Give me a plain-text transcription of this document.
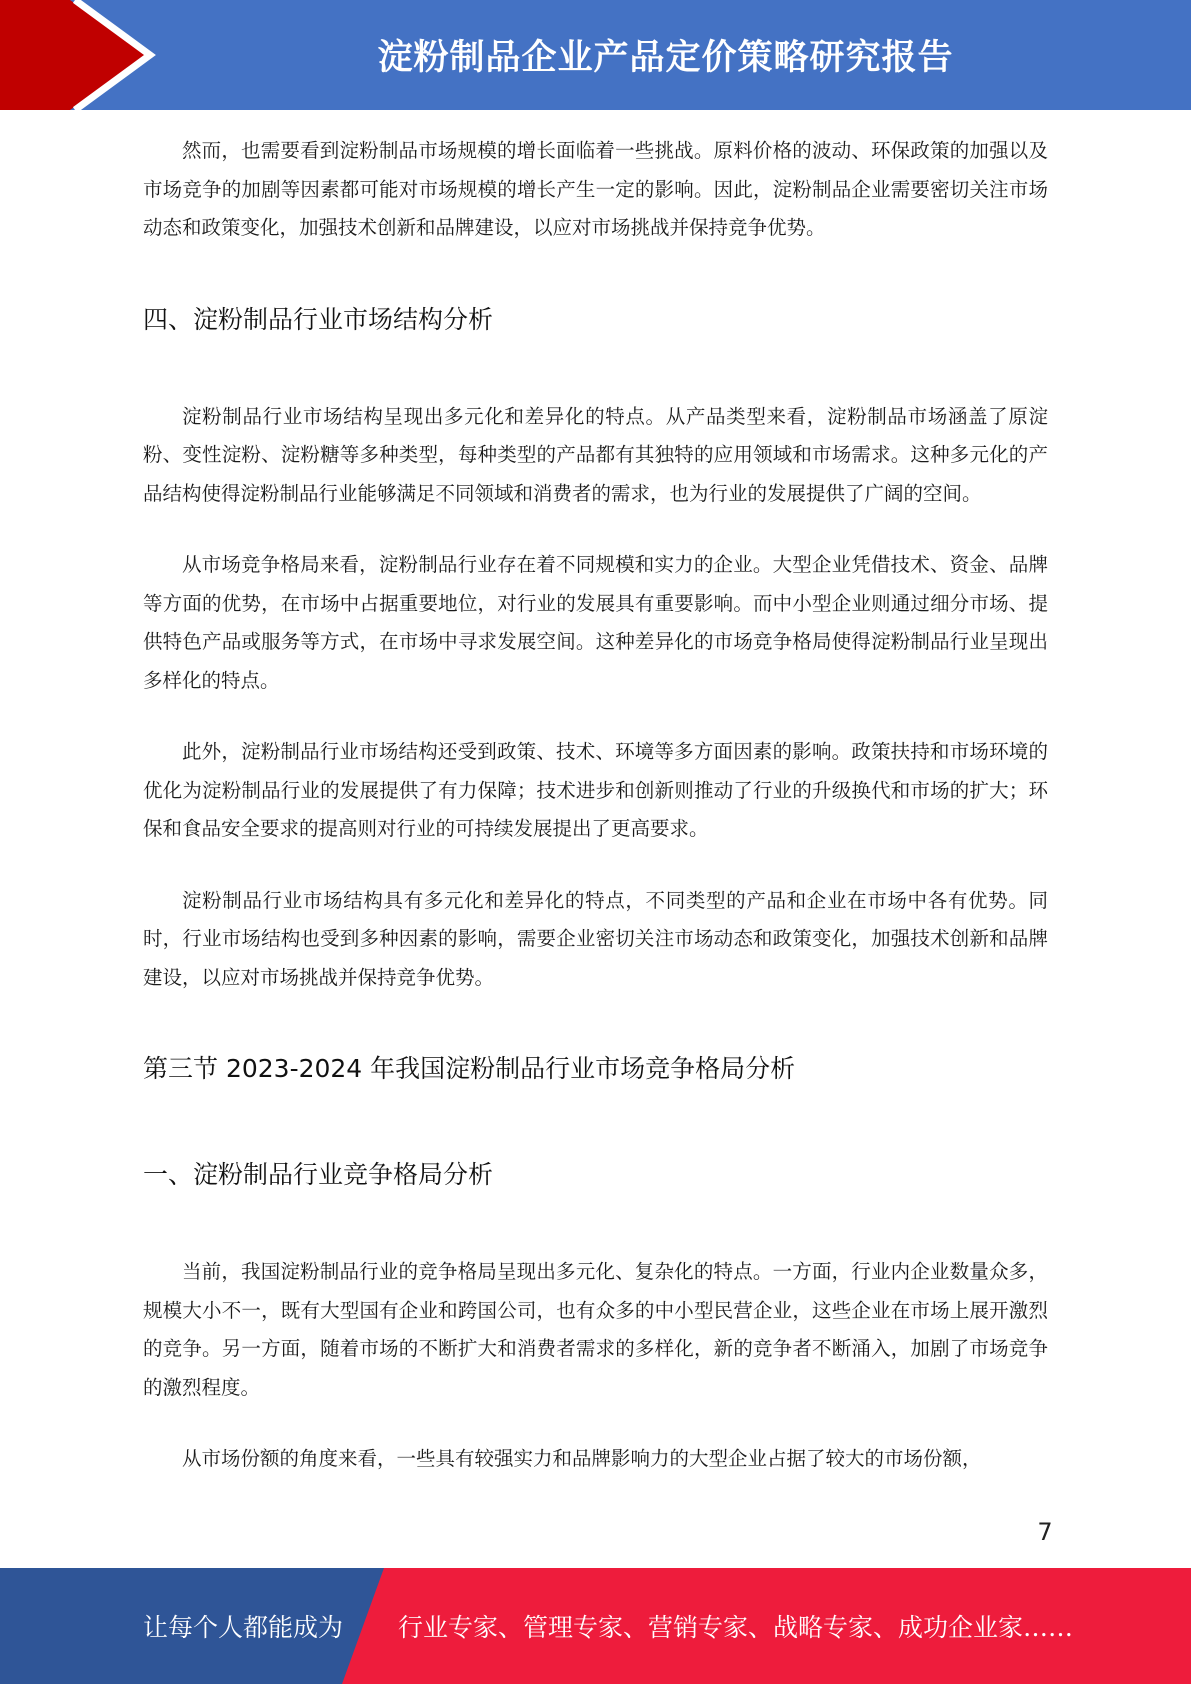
淀粉制品企业产品定价策略研究报告

然而，也需要看到淀粉制品市场规模的增长面临着一些挑战。原料价格的波动、环保政策的加强以及市场竞争的加剧等因素都可能对市场规模的增长产生一定的影响。因此，淀粉制品企业需要密切关注市场动态和政策变化，加强技术创新和品牌建设，以应对市场挑战并保持竞争优势。

四、淀粉制品行业市场结构分析

淀粉制品行业市场结构呈现出多元化和差异化的特点。从产品类型来看，淀粉制品市场涵盖了原淀粉、变性淀粉、淀粉糖等多种类型，每种类型的产品都有其独特的应用领域和市场需求。这种多元化的产品结构使得淀粉制品行业能够满足不同领域和消费者的需求，也为行业的发展提供了广阔的空间。

从市场竞争格局来看，淀粉制品行业存在着不同规模和实力的企业。大型企业凭借技术、资金、品牌等方面的优势，在市场中占据重要地位，对行业的发展具有重要影响。而中小型企业则通过细分市场、提供特色产品或服务等方式，在市场中寻求发展空间。这种差异化的市场竞争格局使得淀粉制品行业呈现出多样化的特点。

此外，淀粉制品行业市场结构还受到政策、技术、环境等多方面因素的影响。政策扶持和市场环境的优化为淀粉制品行业的发展提供了有力保障；技术进步和创新则推动了行业的升级换代和市场的扩大；环保和食品安全要求的提高则对行业的可持续发展提出了更高要求。

淀粉制品行业市场结构具有多元化和差异化的特点，不同类型的产品和企业在市场中各有优势。同时，行业市场结构也受到多种因素的影响，需要企业密切关注市场动态和政策变化，加强技术创新和品牌建设，以应对市场挑战并保持竞争优势。

第三节 2023-2024 年我国淀粉制品行业市场竞争格局分析
一、淀粉制品行业竞争格局分析

当前，我国淀粉制品行业的竞争格局呈现出多元化、复杂化的特点。一方面，行业内企业数量众多，规模大小不一，既有大型国有企业和跨国公司，也有众多的中小型民营企业，这些企业在市场上展开激烈的竞争。另一方面，随着市场的不断扩大和消费者需求的多样化，新的竞争者不断涌入，加剧了市场竞争的激烈程度。

从市场份额的角度来看，一些具有较强实力和品牌影响力的大型企业占据了较大的市场份额，

7
让每个人都能成为 行业专家、管理专家、营销专家、战略专家、成功企业家……
